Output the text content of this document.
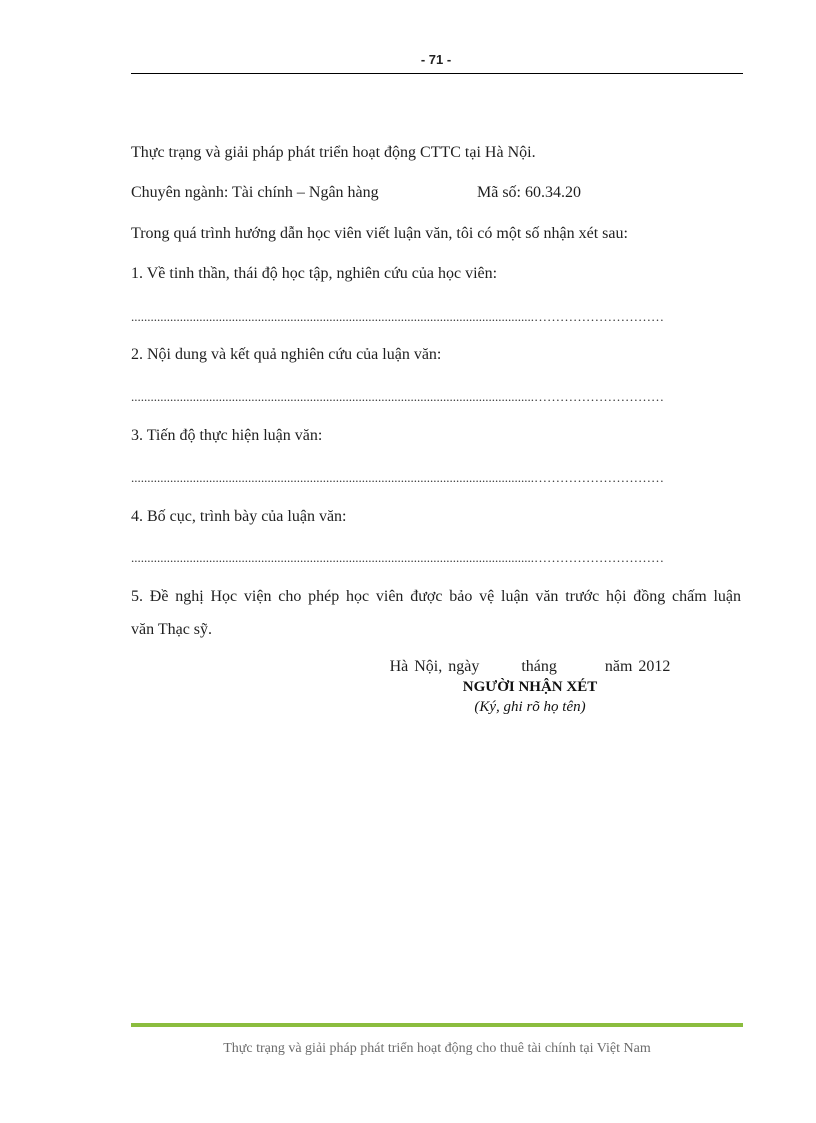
- 71 -
Thực trạng và giải pháp phát triển hoạt động CTTC tại Hà Nội.
Chuyên ngành: Tài chính – Ngân hàng	Mã số: 60.34.20
Trong quá trình hướng dẫn học viên viết luận văn, tôi có một số nhận xét sau:
1. Về tinh thần, thái độ học tập, nghiên cứu của học viên:
............................................................................................................................…………………………
2. Nội dung và kết quả nghiên cứu của luận văn:
............................................................................................................................…………………………
3. Tiến độ thực hiện luận văn:
............................................................................................................................…………………………
4. Bố cục, trình bày của luận văn:
............................................................................................................................…………………………
5. Đề nghị Học viện cho phép học viên được bảo vệ luận văn trước hội đồng chấm luận
văn Thạc sỹ.
Hà Nội, ngày       tháng        năm 2012
NGƯỜI NHẬN XÉT
(Ký, ghi rõ họ tên)
Thực trạng và giải pháp phát triển hoạt động cho thuê tài chính tại Việt Nam
